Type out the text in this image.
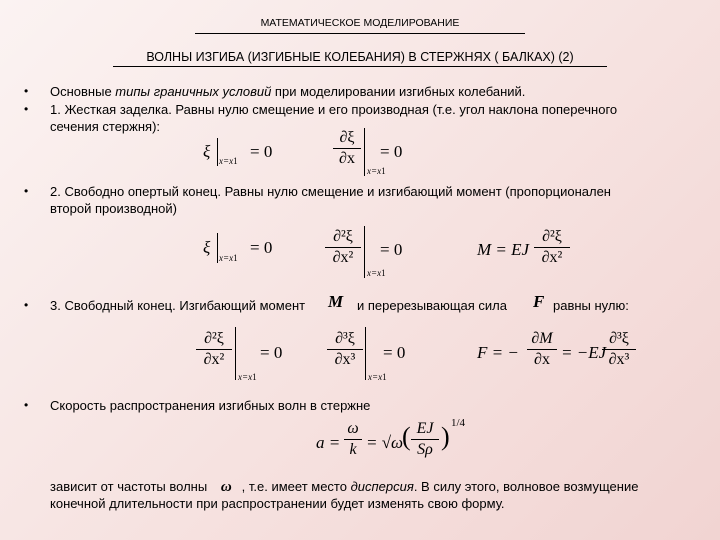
МАТЕМАТИЧЕСКОЕ МОДЕЛИРОВАНИЕ
ВОЛНЫ ИЗГИБА (ИЗГИБНЫЕ КОЛЕБАНИЯ) В СТЕРЖНЯХ ( БАЛКАХ) (2)
•
•
•
•
•
Основные типы граничных условий при моделировании изгибных колебаний.
1. Жесткая заделка. Равны нулю смещение и его производная (т.е. угол наклона поперечного
сечения стержня):
ξ x=x1 = 0
∂ξ
∂x
x=x1
= 0
2. Свободно опертый конец. Равны нулю смещение и изгибающий момент (пропорционален
второй производной)
ξ
x=x1
= 0
∂²ξ
∂x²
x=x1
= 0	M = EJ
∂²ξ
∂x²
3. Свободный конец. Изгибающий момент M и перерезывающая сила F равны нулю:
∂²ξ
∂x²
x=x1
= 0
∂³ξ
∂x³
x=x1
= 0	F = −
∂M
∂x = −EJ
∂³ξ
∂x³
Скорость распространения изгибных волн в стержне
a =
ω
k = √ω
( EJ
Sρ ) 1/4
зависит от частоты волны ω , т.е. имеет место дисперсия. В силу этого, волновое возмущение
конечной длительности при распространении будет изменять свою форму.
